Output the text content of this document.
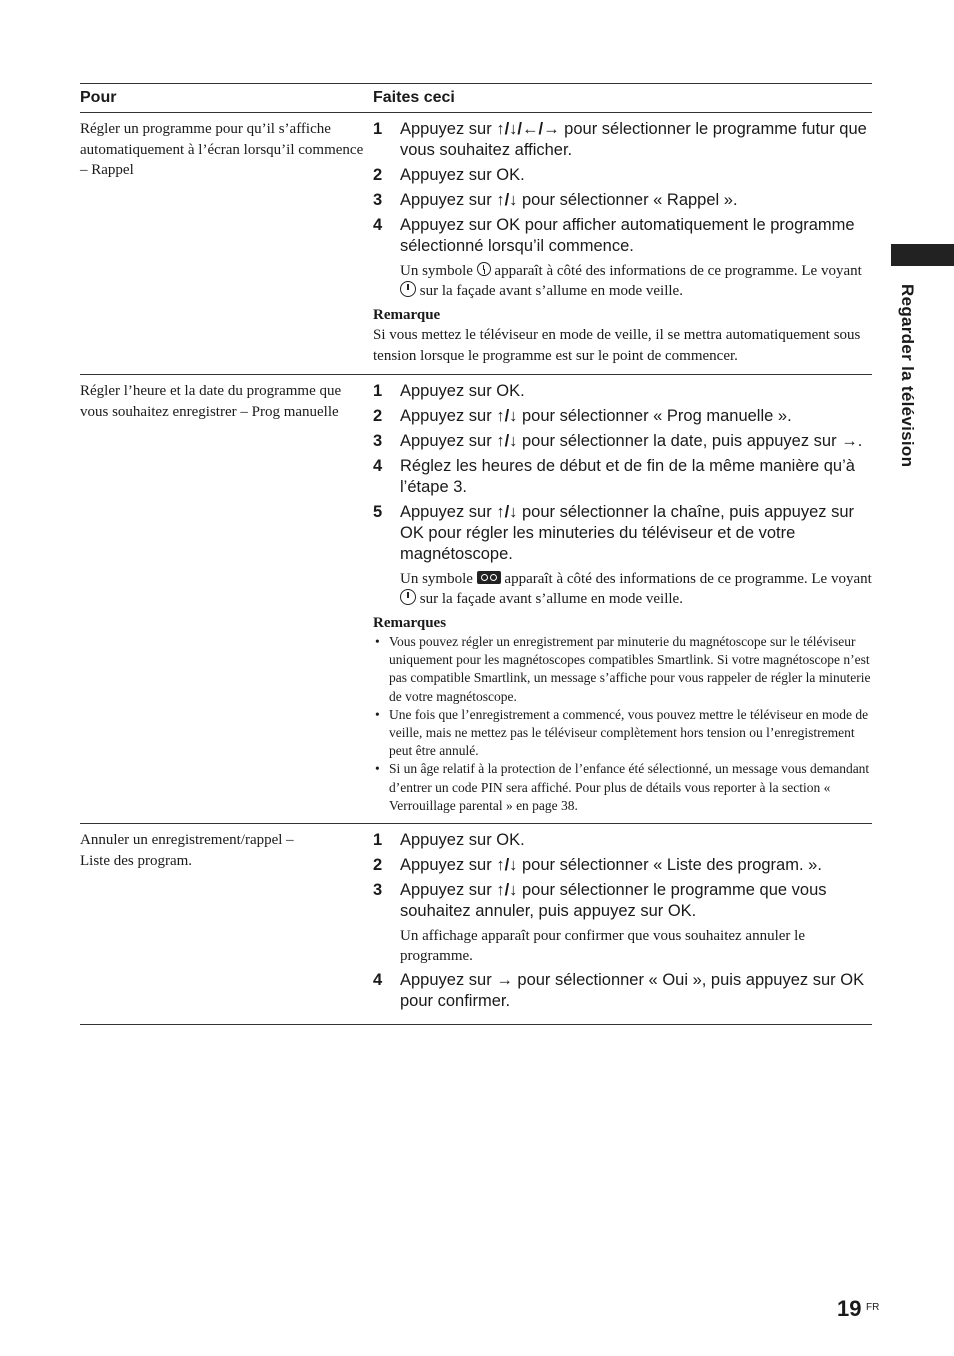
Pour	Faites ceci
Régler un programme pour qu’il s’affiche automatiquement à l’écran lorsqu’il commence – Rappel
1	Appuyez sur ↑/↓/←/→ pour sélectionner le programme futur que vous souhaitez afficher.
2	Appuyez sur OK.
3	Appuyez sur ↑/↓ pour sélectionner « Rappel ».
4	Appuyez sur OK pour afficher automatiquement le programme sélectionné lorsqu’il commence.
Un symbole  apparaît à côté des informations de ce programme. Le voyant  sur la façade avant s’allume en mode veille.
Remarque
Si vous mettez le téléviseur en mode de veille, il se mettra automatiquement sous tension lorsque le programme est sur le point de commencer.
Régler l’heure et la date du programme que vous souhaitez enregistrer – Prog manuelle
1	Appuyez sur OK.
2	Appuyez sur ↑/↓ pour sélectionner « Prog manuelle ».
3	Appuyez sur ↑/↓ pour sélectionner la date, puis appuyez sur →.
4	Réglez les heures de début et de fin de la même manière qu’à l’étape 3.
5	Appuyez sur ↑/↓ pour sélectionner la chaîne, puis appuyez sur OK pour régler les minuteries du téléviseur et de votre magnétoscope.
Un symbole  apparaît à côté des informations de ce programme. Le voyant  sur la façade avant s’allume en mode veille.
Remarques
• Vous pouvez régler un enregistrement par minuterie du magnétoscope sur le téléviseur uniquement pour les magnétoscopes compatibles Smartlink. Si votre magnétoscope n’est pas compatible Smartlink, un message s’affiche pour vous rappeler de régler la minuterie de votre magnétoscope.
• Une fois que l’enregistrement a commencé, vous pouvez mettre le téléviseur en mode de veille, mais ne mettez pas le téléviseur complètement hors tension ou l’enregistrement peut être annulé.
• Si un âge relatif à la protection de l’enfance été sélectionné, un message vous demandant d’entrer un code PIN sera affiché. Pour plus de détails vous reporter à la section « Verrouillage parental » en page 38.
Annuler un enregistrement/rappel – Liste des program.
1	Appuyez sur OK.
2	Appuyez sur ↑/↓ pour sélectionner « Liste des program. ».
3	Appuyez sur ↑/↓ pour sélectionner le programme que vous souhaitez annuler, puis appuyez sur OK.
Un affichage apparaît pour confirmer que vous souhaitez annuler le programme.
4	Appuyez sur → pour sélectionner « Oui », puis appuyez sur OK pour confirmer.
Regarder la télévision
19 FR
